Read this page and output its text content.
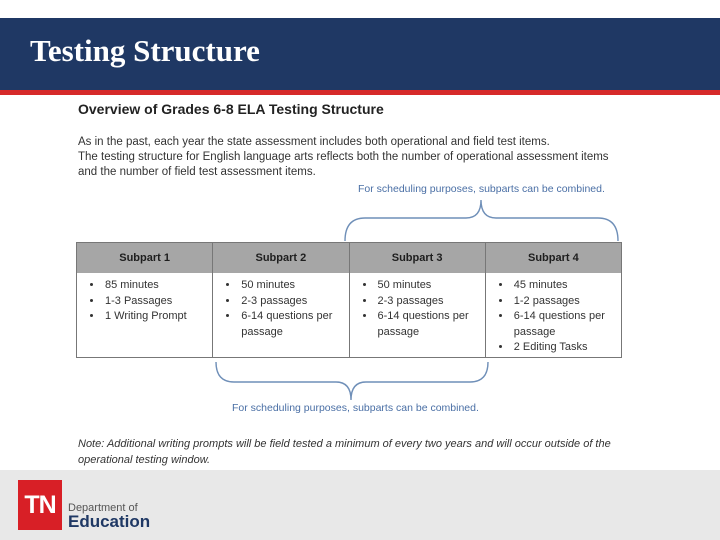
Testing Structure
Overview of Grades 6-8 ELA Testing Structure
As in the past, each year the state assessment includes both operational and field test items.
The testing structure for English language arts reflects both the number of operational assessment items
and the number of field test assessment items.
For scheduling purposes, subparts can be combined.
Subpart 1
• 85 minutes
• 1-3 Passages
• 1 Writing Prompt
Subpart 2
• 50 minutes
• 2-3 passages
• 6-14 questions per passage
Subpart 3
• 50 minutes
• 2-3 passages
• 6-14 questions per passage
Subpart 4
• 45 minutes
• 1-2 passages
• 6-14 questions per passage
• 2 Editing Tasks
For scheduling purposes, subparts can be combined.
Note: Additional writing prompts will be field tested a minimum of every two years and will occur outside of the
operational testing window.
TN	Department of
Education
